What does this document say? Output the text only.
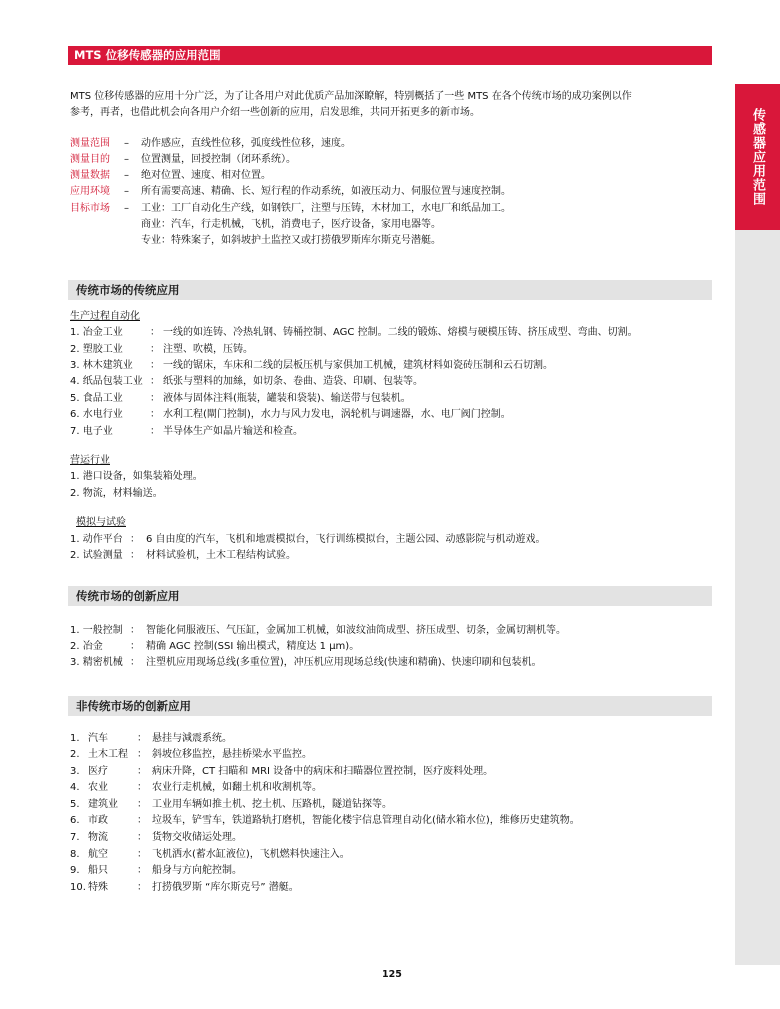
MTS 位移传感器的应用范围
传感器应用范围
MTS 位移传感器的应用十分广泛，为了让各用户对此优质产品加深瞭解，特别概括了一些 MTS 在各个传统市场的成功案例以作
参考，再者，也借此机会向各用户介绍一些创新的应用，启发思维，共同开拓更多的新市场。
测量范围 – 动作感应，直线性位移，弧度线性位移，速度。
测量目的 – 位置测量，回授控制（闭环系统）。
测量数据 – 绝对位置、速度、相对位置。
应用环境 – 所有需要高速、精确、长、短行程的作动系统，如液压动力、伺服位置与速度控制。
目标市场 – 工业：工厂自动化生产线，如钢铁厂，注塑与压铸，木材加工，水电厂和纸品加工。
商业：汽车，行走机械，飞机，消费电子，医疗设备，家用电器等。
专业：特殊案子，如斜坡护土监控又或打捞俄罗斯库尔斯克号潜艇。
传统市场的传统应用
生产过程自动化
1. 冶金工业	： 一线的如连铸、冷热轧钢、铸桶控制、AGC 控制。二线的锻炼、熔模与硬模压铸、挤压成型、弯曲、切割。
2. 塑胶工业	： 注塑、吹模，压铸。
3. 林木建筑业 ： 一线的锯床，车床和二线的层板压机与家俱加工机械，建筑材料如瓷砖压制和云石切割。
4. 纸品包装工业 ： 纸张与塑料的加絲，如切条、卷曲、造袋、印刷、包装等。
5. 食品工业	： 液体与固体注料(瓶装，罐装和袋装)、输送带与包装机。
6. 水电行业	： 水利工程(閘门控制)，水力与风力发电，涡轮机与调速器，水、电厂阀门控制。
7. 电子业	： 半导体生产如晶片输送和检查。
营运行业
1. 港口设备，如集装箱处理。
2. 物流，材料输送。
模拟与试验
1. 动作平台 ： 6 自由度的汽车，飞机和地震模拟台，飞行训练模拟台，主题公园、动感影院与机动遊戏。
2. 试验测量 ： 材料试验机，土木工程结构试验。
传统市场的创新应用
1. 一般控制 ： 智能化伺服液压、气压缸，金属加工机械，如波纹油筒成型、挤压成型、切条，金属切割机等。
2. 冶金	： 精确 AGC 控制(SSI 输出模式，精度达 1 μm)。
3. 精密机械 ： 注塑机应用现场总线(多重位置)，冲压机应用现场总线(快速和精确)、快速印刷和包装机。
非传统市场的创新应用
1. 汽车	： 悬挂与減震系统。
2. 土木工程 ： 斜坡位移监控，悬挂桥梁水平监控。
3. 医疗	： 病床升降，CT 扫瞄和 MRI 设备中的病床和扫瞄器位置控制，医疗废料处理。
4. 农业	： 农业行走机械，如翻土机和收割机等。
5. 建筑业 ： 工业用车辆如推土机、挖土机、压路机，隧道钻探等。
6. 市政	： 垃圾车，铲雪车，铁道路轨打磨机，智能化楼宇信息管理自动化(储水箱水位)，维修历史建筑物。
7. 物流	： 货物交收储运处理。
8. 航空	： 飞机洒水(蓄水缸液位)，飞机燃料快速注入。
9. 船只	： 船身与方向舵控制。
10. 特殊	： 打捞俄罗斯 “库尔斯克号” 潜艇。
125
